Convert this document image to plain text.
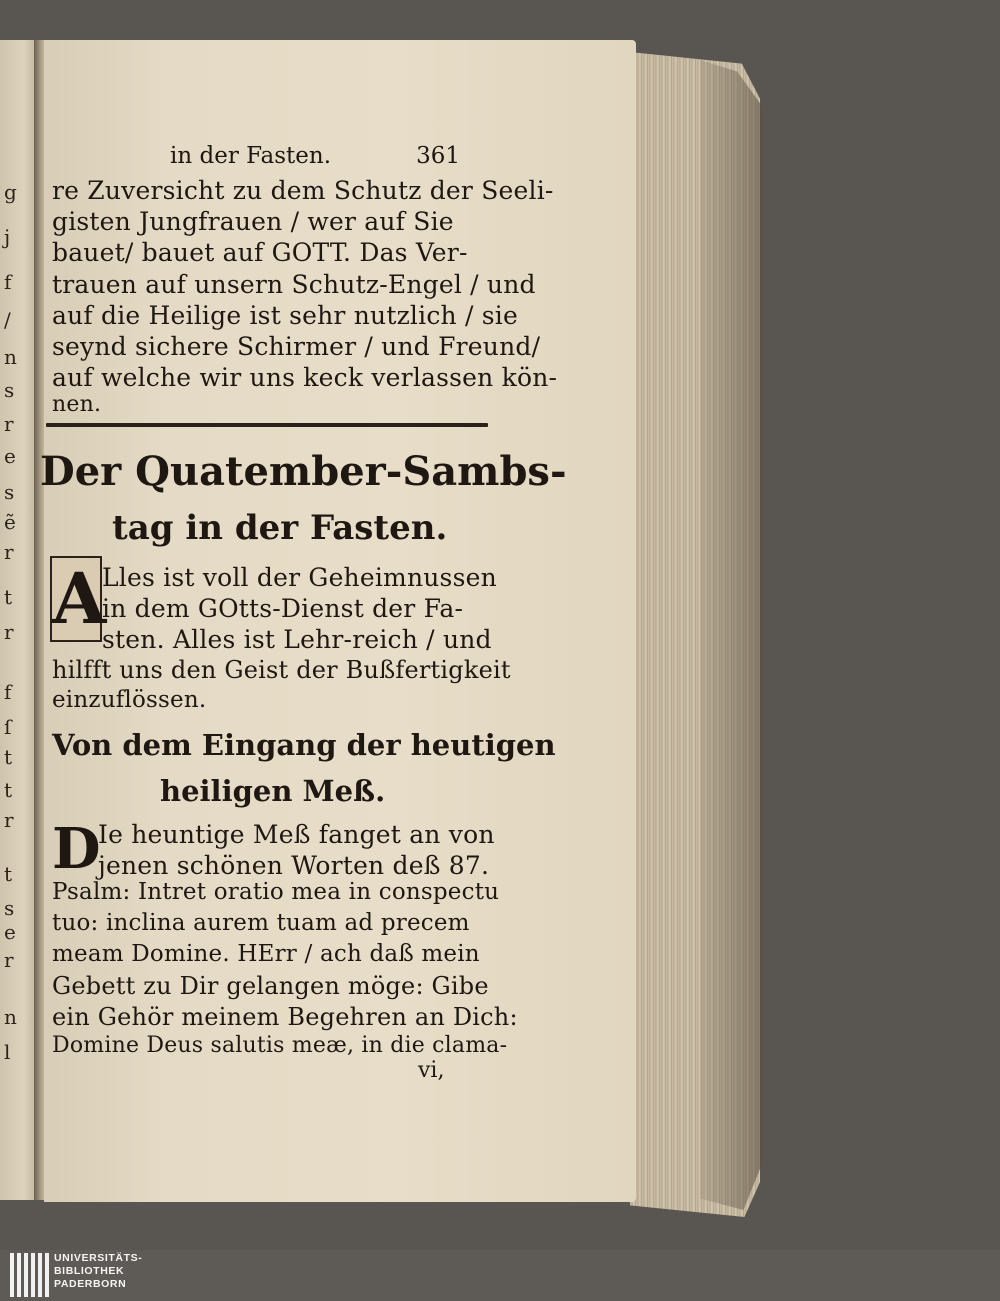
g
j
f
/
n
s
r
e
s
ẽ
r
t
r
f
ſ
t
t
r
t
s
e
r
n
l
in der Fasten.	361
re Zuversicht zu dem Schutz der Seeli-
gisten Jungfrauen / wer auf Sie
bauet/ bauet auf GOTT. Das Ver-
trauen auf unsern Schutz-Engel / und
auf die Heilige ist sehr nutzlich / sie
seynd sichere Schirmer / und Freund/
auf welche wir uns keck verlassen kön-
nen.
Der Quatember-Sambs-
tag in der Fasten.
A
Lles ist voll der Geheimnussen
in dem GOtts-Dienst der Fa-
sten. Alles ist Lehr-reich / und
hilfft uns den Geist der Bußfertigkeit
einzuflössen.
Von dem Eingang der heutigen
heiligen Meß.
D
Ie heuntige Meß fanget an von
jenen schönen Worten deß 87.
Psalm: Intret oratio mea in conspectu
tuo: inclina aurem tuam ad precem
meam Domine. HErr / ach daß mein
Gebett zu Dir gelangen möge: Gibe
ein Gehör meinem Begehren an Dich:
Domine Deus salutis meæ, in die clama-
vi,
UNIVERSITÄTS-
BIBLIOTHEK
PADERBORN
